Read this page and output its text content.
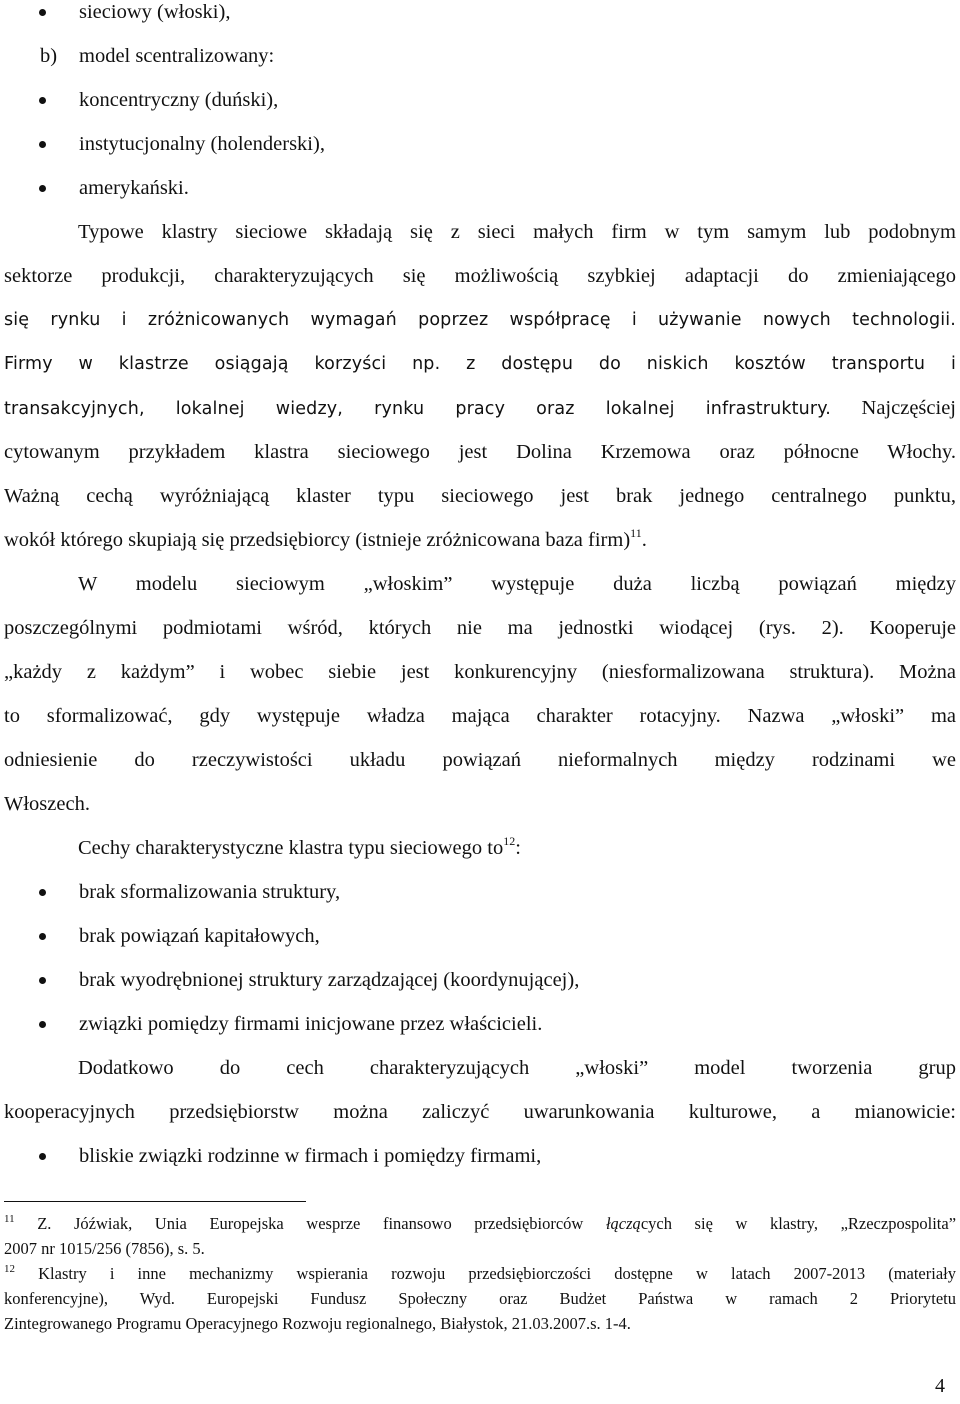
sieciowy (włoski),
b) model scentralizowany:
koncentryczny (duński),
instytucjonalny (holenderski),
amerykański.

Typowe klastry sieciowe składają się z sieci małych firm w tym samym lub podobnym

sektorze produkcji, charakteryzujących się możliwością szybkiej adaptacji do zmieniającego

się rynku i zróżnicowanych wymagań poprzez współpracę i używanie nowych technologii.

Firmy w klastrze osiągają korzyści np. z dostępu do niskich kosztów transportu i

transakcyjnych, lokalnej wiedzy, rynku pracy oraz lokalnej infrastruktury. Najczęściej

cytowanym przykładem klastra sieciowego jest Dolina Krzemowa oraz północne Włochy.

Ważną cechą wyróżniającą klaster typu sieciowego jest brak jednego centralnego punktu,

wokół którego skupiają się przedsiębiorcy (istnieje zróżnicowana baza firm)$^{11}$.

W modelu sieciowym „włoskim” występuje duża liczbą powiązań między

poszczególnymi podmiotami wśród, których nie ma jednostki wiodącej (rys. 2). Kooperuje

„każdy z każdym” i wobec siebie jest konkurencyjny (niesformalizowana struktura). Można

to sformalizować, gdy występuje władza mająca charakter rotacyjny. Nazwa „włoski” ma

odniesienie do rzeczywistości układu powiązań nieformalnych między rodzinami we

Włoszech.

Cechy charakterystyczne klastra typu sieciowego $to^{12}$:

brak sformalizowania struktury,
brak powiązań kapitałowych,
brak wyodrębnionej struktury zarządzającej (koordynującej),
związki pomiędzy firmami inicjowane przez właścicieli.

Dodatkowo do cech charakteryzujących „włoski” model tworzenia grup

kooperacyjnych przedsiębiorstw można zaliczyć uwarunkowania kulturowe, a mianowicie:

bliskie związki rodzinne w firmach i pomiędzy firmami,

$^{11}$ Z. Jóźwiak, Unia Europejska wesprze finansowo przedsiębiorców łączących się w klastry, „Rzeczpospolita”

2007 nr 1015/256 (7856), s. 5.

$^{12}$ Klastry i inne mechanizmy wspierania rozwoju przedsiębiorczości dostępne w latach 2007-2013 (materiały

konferencyjne), Wyd. Europejski Fundusz Społeczny oraz Budżet Państwa w ramach 2 Priorytetu

Zintegrowanego Programu Operacyjnego Rozwoju regionalnego, Białystok, 21.03.2007.s. 1-4.

4
